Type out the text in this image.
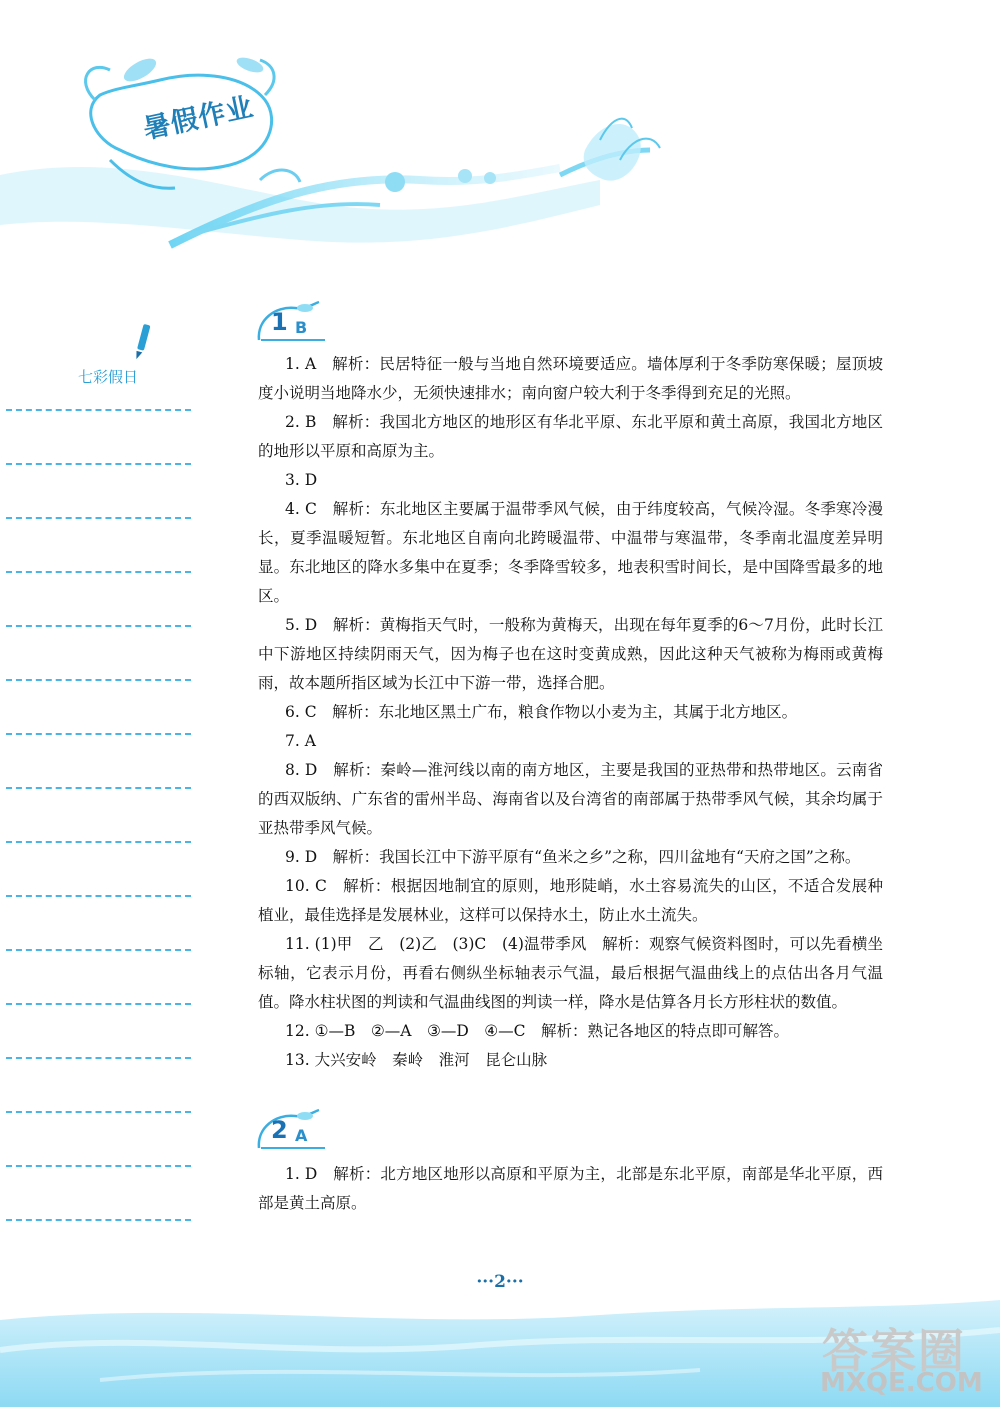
暑假作业
七彩假日
1 B

1. A　解析：民居特征一般与当地自然环境要适应。墙体厚利于冬季防寒保暖；屋顶坡度小说明当地降水少，无须快速排水；南向窗户较大利于冬季得到充足的光照。

2. B　解析：我国北方地区的地形区有华北平原、东北平原和黄土高原，我国北方地区的地形以平原和高原为主。

3. D

4. C　解析：东北地区主要属于温带季风气候，由于纬度较高，气候冷湿。冬季寒冷漫长，夏季温暖短暂。东北地区自南向北跨暖温带、中温带与寒温带，冬季南北温度差异明显。东北地区的降水多集中在夏季；冬季降雪较多，地表积雪时间长，是中国降雪最多的地区。

5. D　解析：黄梅指天气时，一般称为黄梅天，出现在每年夏季的6～7月份，此时长江中下游地区持续阴雨天气，因为梅子也在这时变黄成熟，因此这种天气被称为梅雨或黄梅雨，故本题所指区域为长江中下游一带，选择合肥。

6. C　解析：东北地区黑土广布，粮食作物以小麦为主，其属于北方地区。

7. A

8. D　解析：秦岭—淮河线以南的南方地区，主要是我国的亚热带和热带地区。云南省的西双版纳、广东省的雷州半岛、海南省以及台湾省的南部属于热带季风气候，其余均属于亚热带季风气候。

9. D　解析：我国长江中下游平原有“鱼米之乡”之称，四川盆地有“天府之国”之称。

10. C　解析：根据因地制宜的原则，地形陡峭，水土容易流失的山区，不适合发展种植业，最佳选择是发展林业，这样可以保持水土，防止水土流失。

11. (1)甲　乙　(2)乙　(3)C　(4)温带季风　解析：观察气候资料图时，可以先看横坐标轴，它表示月份，再看右侧纵坐标轴表示气温，最后根据气温曲线上的点估出各月气温值。降水柱状图的判读和气温曲线图的判读一样，降水是估算各月长方形柱状的数值。

12. ①—B　②—A　③—D　④—C　解析：熟记各地区的特点即可解答。

13. 大兴安岭　秦岭　淮河　昆仑山脉

2 A

1. D　解析：北方地区地形以高原和平原为主，北部是东北平原，南部是华北平原，西部是黄土高原。

···2···
答案圈
MXQE.COM
